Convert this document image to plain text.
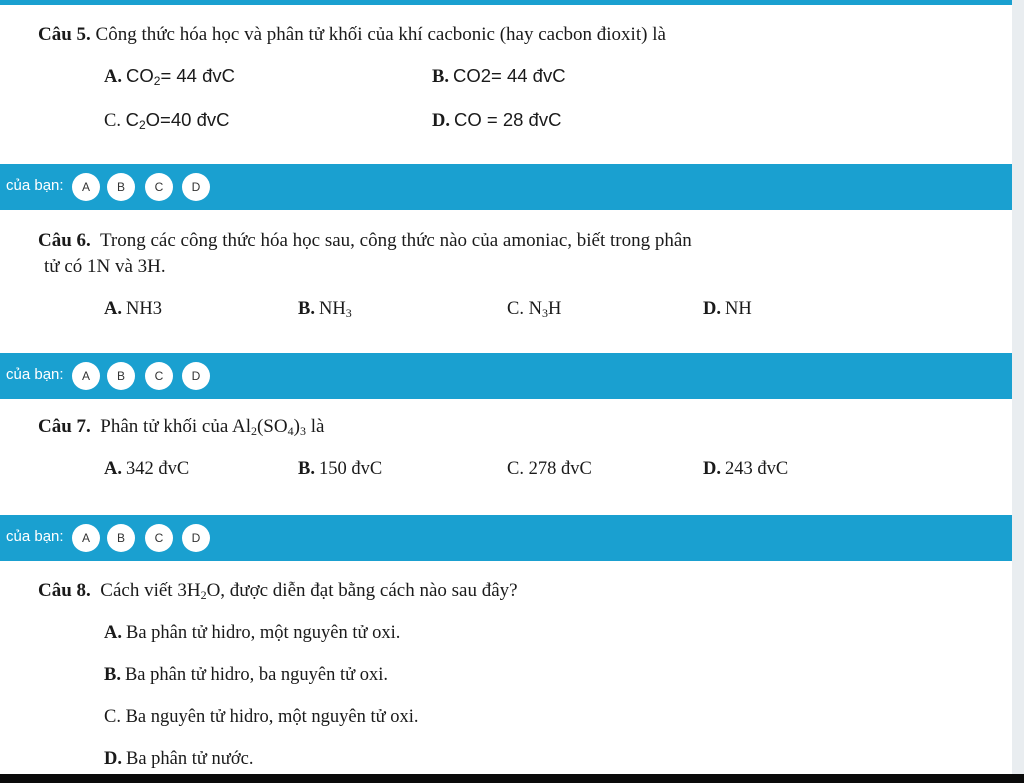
Câu 5. Công thức hóa học và phân tử khối của khí cacbonic (hay cacbon đioxit) là
A. $CO_2= 44$ đvC	B. CO2= 44 đvC
C. $C_2O=40$ đvC	D. CO = 28 đvC
của bạn:	A	B	C	D
Câu 6. Trong các công thức hóa học sau, công thức nào của amoniac, biết trong phân
tử có 1N và 3H.
A. NH3	B. $NH_3$	C. $N_3H$	D. NH
của bạn:	A	B	C	D
Câu 7. Phân tử khối của $Al_2(SO_4)_3$ là
A. 342 đvC	B. 150 đvC	C. 278 đvC	D. 243 đvC
của bạn:	A	B	C	D
Câu 8. Cách viết $3H_2O$, được diễn đạt bằng cách nào sau đây?
A. Ba phân tử hidro, một nguyên tử oxi.
B. Ba phân tử hidro, ba nguyên tử oxi.
C. Ba nguyên tử hidro, một nguyên tử oxi.
D. Ba phân tử nước.
